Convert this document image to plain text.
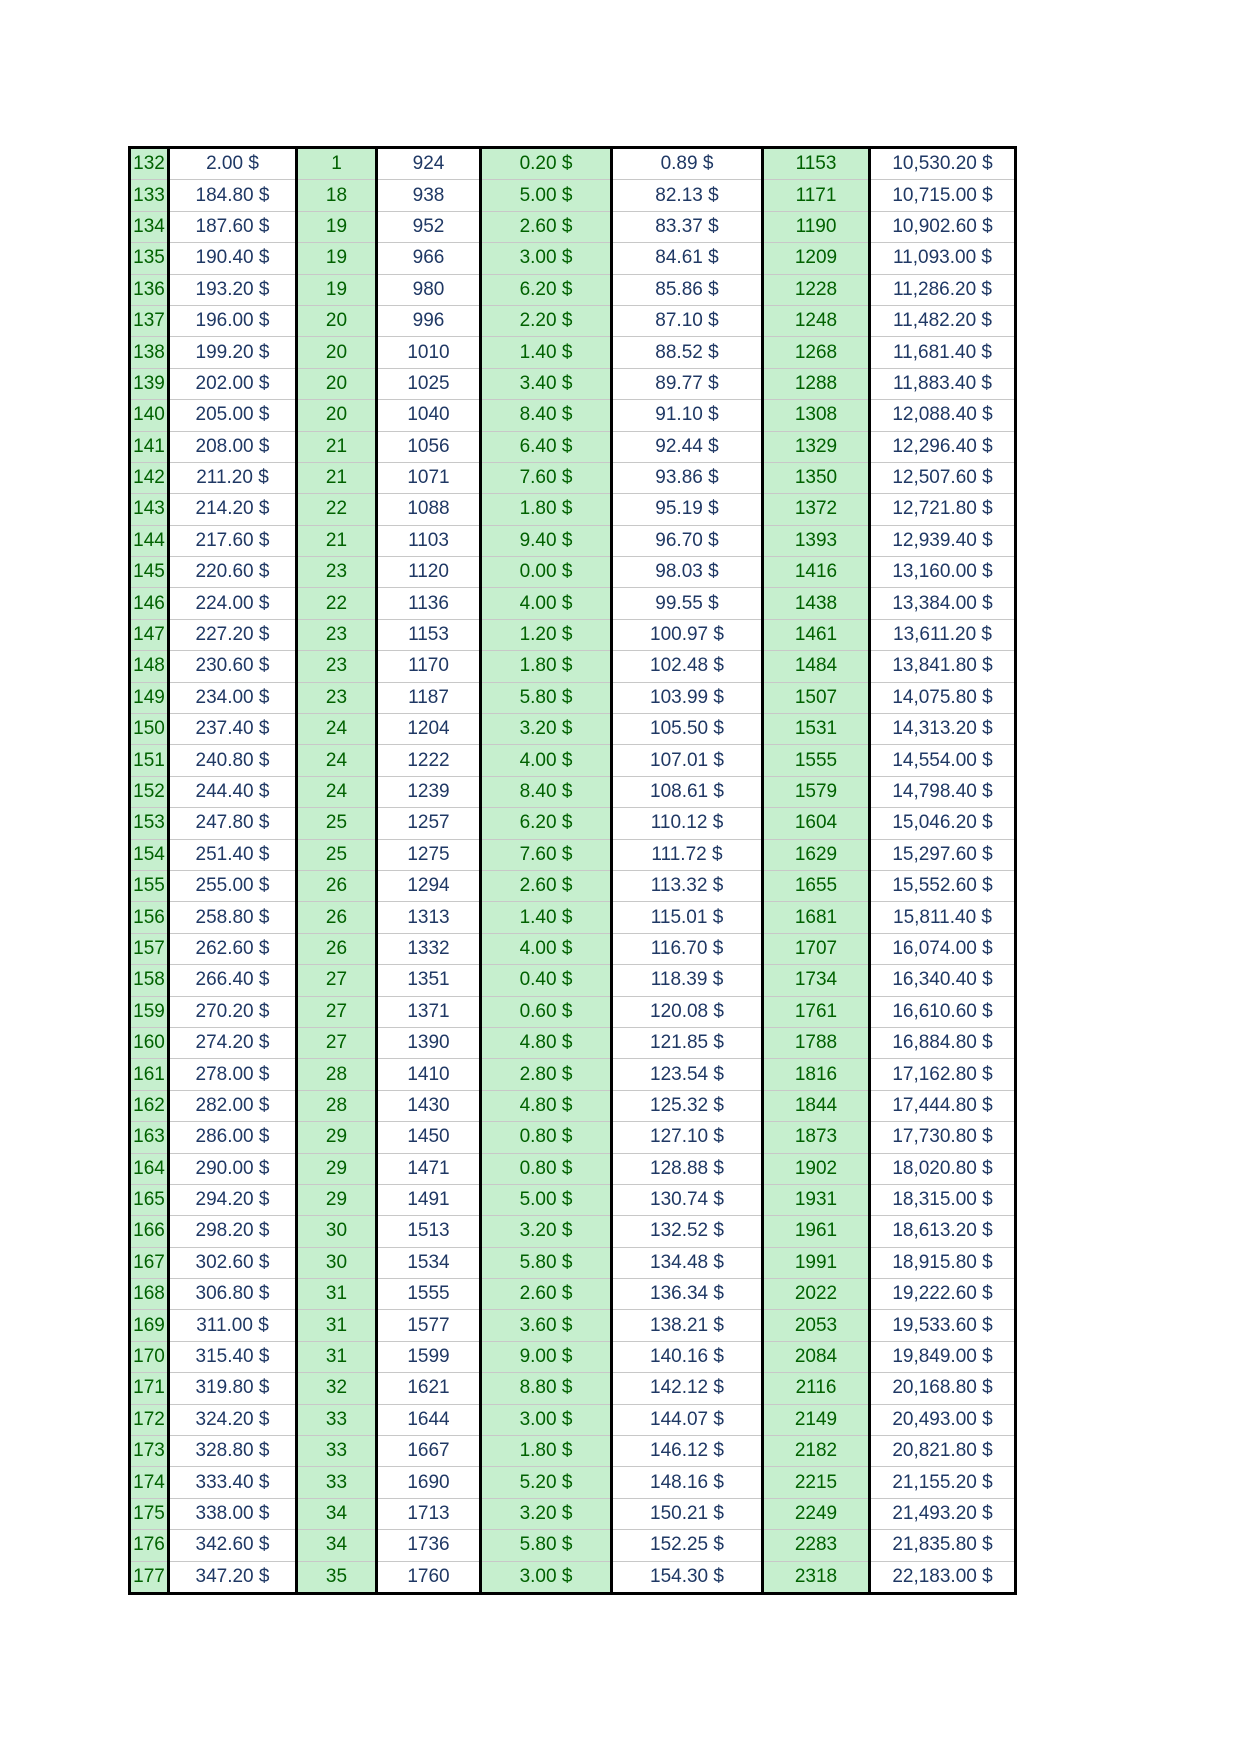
132	2.00 $	1	924	0.20 $	0.89 $	1153	10,530.20 $
133	184.80 $	18	938	5.00 $	82.13 $	1171	10,715.00 $
134	187.60 $	19	952	2.60 $	83.37 $	1190	10,902.60 $
135	190.40 $	19	966	3.00 $	84.61 $	1209	11,093.00 $
136	193.20 $	19	980	6.20 $	85.86 $	1228	11,286.20 $
137	196.00 $	20	996	2.20 $	87.10 $	1248	11,482.20 $
138	199.20 $	20	1010	1.40 $	88.52 $	1268	11,681.40 $
139	202.00 $	20	1025	3.40 $	89.77 $	1288	11,883.40 $
140	205.00 $	20	1040	8.40 $	91.10 $	1308	12,088.40 $
141	208.00 $	21	1056	6.40 $	92.44 $	1329	12,296.40 $
142	211.20 $	21	1071	7.60 $	93.86 $	1350	12,507.60 $
143	214.20 $	22	1088	1.80 $	95.19 $	1372	12,721.80 $
144	217.60 $	21	1103	9.40 $	96.70 $	1393	12,939.40 $
145	220.60 $	23	1120	0.00 $	98.03 $	1416	13,160.00 $
146	224.00 $	22	1136	4.00 $	99.55 $	1438	13,384.00 $
147	227.20 $	23	1153	1.20 $	100.97 $	1461	13,611.20 $
148	230.60 $	23	1170	1.80 $	102.48 $	1484	13,841.80 $
149	234.00 $	23	1187	5.80 $	103.99 $	1507	14,075.80 $
150	237.40 $	24	1204	3.20 $	105.50 $	1531	14,313.20 $
151	240.80 $	24	1222	4.00 $	107.01 $	1555	14,554.00 $
152	244.40 $	24	1239	8.40 $	108.61 $	1579	14,798.40 $
153	247.80 $	25	1257	6.20 $	110.12 $	1604	15,046.20 $
154	251.40 $	25	1275	7.60 $	111.72 $	1629	15,297.60 $
155	255.00 $	26	1294	2.60 $	113.32 $	1655	15,552.60 $
156	258.80 $	26	1313	1.40 $	115.01 $	1681	15,811.40 $
157	262.60 $	26	1332	4.00 $	116.70 $	1707	16,074.00 $
158	266.40 $	27	1351	0.40 $	118.39 $	1734	16,340.40 $
159	270.20 $	27	1371	0.60 $	120.08 $	1761	16,610.60 $
160	274.20 $	27	1390	4.80 $	121.85 $	1788	16,884.80 $
161	278.00 $	28	1410	2.80 $	123.54 $	1816	17,162.80 $
162	282.00 $	28	1430	4.80 $	125.32 $	1844	17,444.80 $
163	286.00 $	29	1450	0.80 $	127.10 $	1873	17,730.80 $
164	290.00 $	29	1471	0.80 $	128.88 $	1902	18,020.80 $
165	294.20 $	29	1491	5.00 $	130.74 $	1931	18,315.00 $
166	298.20 $	30	1513	3.20 $	132.52 $	1961	18,613.20 $
167	302.60 $	30	1534	5.80 $	134.48 $	1991	18,915.80 $
168	306.80 $	31	1555	2.60 $	136.34 $	2022	19,222.60 $
169	311.00 $	31	1577	3.60 $	138.21 $	2053	19,533.60 $
170	315.40 $	31	1599	9.00 $	140.16 $	2084	19,849.00 $
171	319.80 $	32	1621	8.80 $	142.12 $	2116	20,168.80 $
172	324.20 $	33	1644	3.00 $	144.07 $	2149	20,493.00 $
173	328.80 $	33	1667	1.80 $	146.12 $	2182	20,821.80 $
174	333.40 $	33	1690	5.20 $	148.16 $	2215	21,155.20 $
175	338.00 $	34	1713	3.20 $	150.21 $	2249	21,493.20 $
176	342.60 $	34	1736	5.80 $	152.25 $	2283	21,835.80 $
177	347.20 $	35	1760	3.00 $	154.30 $	2318	22,183.00 $
